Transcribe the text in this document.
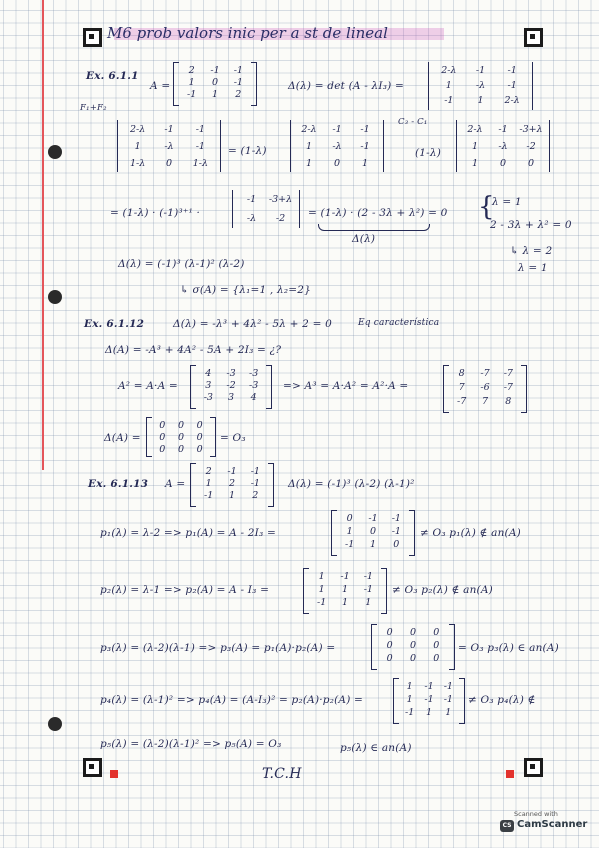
M6 prob valors inic per a st de lineal
Ex. 6.1.1
A =
2	-1	-1
1	0	-1
-1	1	2
Δ(λ) = det (A - λI₃) =
2-λ	-1	-1
1	-λ	-1
-1	1	2-λ
F₁+F₂
2-λ	-1	-1
1	-λ	-1
1-λ	0	1-λ
= (1-λ)
2-λ	-1	-1
1	-λ	-1
1	0	1
C₃ - C₁
(1-λ)
2-λ	-1	-3+λ
1	-λ	-2
1	0	0
= (1-λ) · (-1)³⁺¹ ·
-1	-3+λ
-λ	-2	= (1-λ) · (2 - 3λ + λ²) = 0
Δ(λ)
{
λ = 1
2 - 3λ + λ² = 0
↳ λ = 2
λ = 1
Δ(λ) = (-1)³ (λ-1)² (λ-2)
↳ σ(A) = {λ₁=1 , λ₂=2}
Ex. 6.1.12	Δ(λ) = -λ³ + 4λ² - 5λ + 2 = 0	Eq característica
Δ(A) = -A³ + 4A² - 5A + 2I₃ = ¿?
A² = A·A =
4	-3	-3
3	-2	-3
-3	3	4
=> A³ = A·A² = A²·A =
8	-7	-7
7	-6	-7
-7	7	8
Δ(A) =
0	0	0
0	0	0
0	0	0
= O₃
Ex. 6.1.13 A =
2	-1	-1
1	2	-1
-1	1	2
Δ(λ) = (-1)³ (λ-2) (λ-1)²
p₁(λ) = λ-2 => p₁(A) = A - 2I₃ =
0	-1	-1
1	0	-1
-1	1	0
≠ O₃ p₁(λ) ∉ an(A)
p₂(λ) = λ-1 => p₂(A) = A - I₃ =
1	-1	-1
1	1	-1
-1	1	1
≠ O₃ p₂(λ) ∉ an(A)
p₃(λ) = (λ-2)(λ-1) => p₃(A) = p₁(A)·p₂(A) =
0	0	0
0	0	0
0	0	0
= O₃ p₃(λ) ∈ an(A)
p₄(λ) = (λ-1)² => p₄(A) = (A-I₃)² = p₂(A)·p₂(A) =
1	-1	-1
1	-1	-1
-1	1	1
≠ O₃ p₄(λ) ∉
p₅(λ) = (λ-2)(λ-1)² => p₅(A) = O₃	p₅(λ) ∈ an(A)
T.C.H
Scanned with
CS CamScanner
